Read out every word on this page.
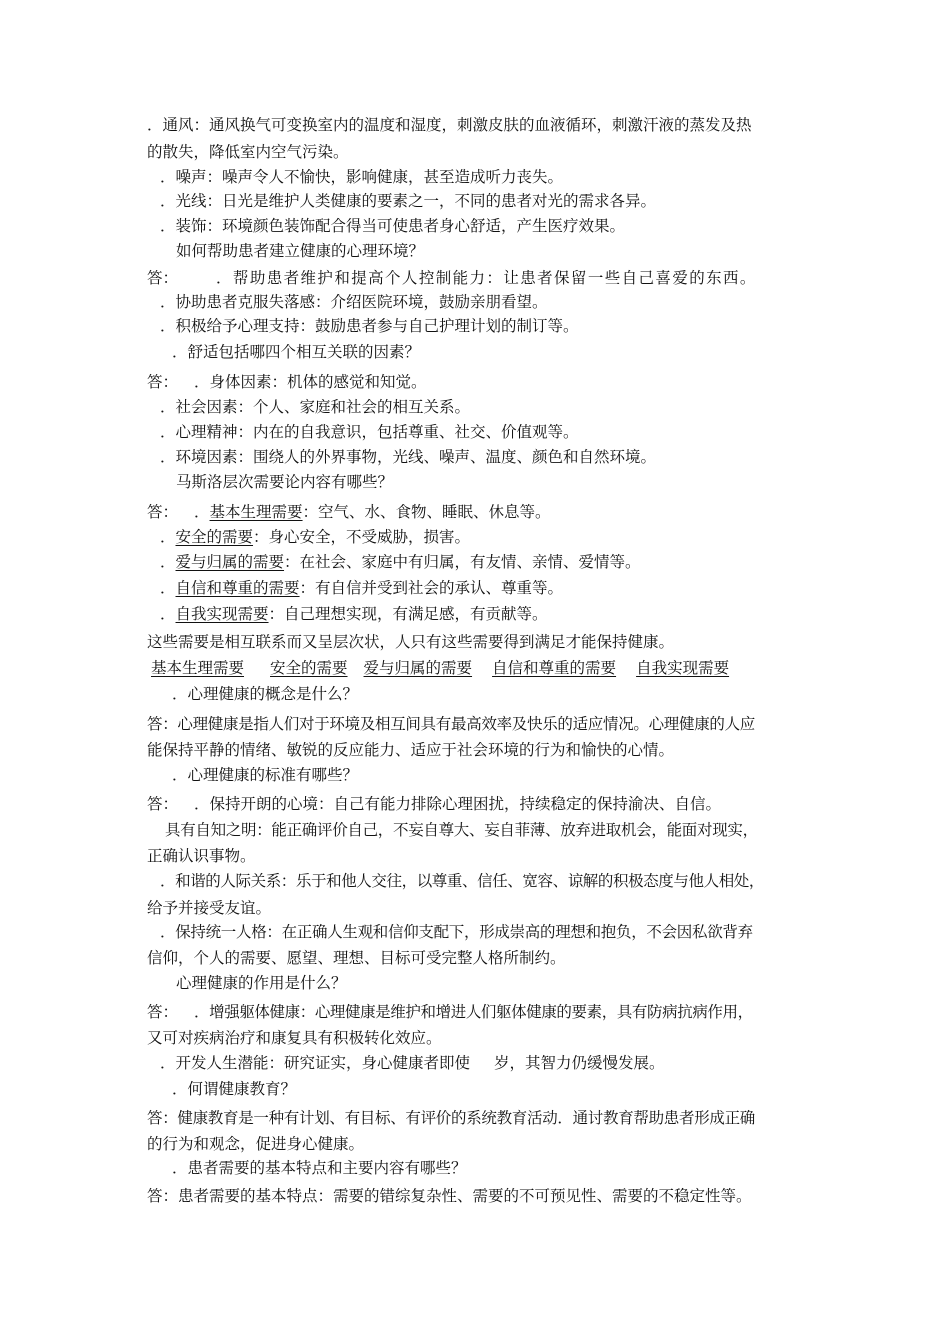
．通风：通风换气可变换室内的温度和湿度，刺激皮肤的血液循环，刺激汗液的蒸发及热
的散失，降低室内空气污染。
．噪声：噪声令人不愉快，影响健康，甚至造成听力丧失。
．光线：日光是维护人类健康的要素之一，不同的患者对光的需求各异。
．装饰：环境颜色装饰配合得当可使患者身心舒适，产生医疗效果。
如何帮助患者建立健康的心理环境？
答： ．帮助患者维护和提高个人控制能力：让患者保留一些自己喜爱的东西。
．协助患者克服失落感：介绍医院环境，鼓励亲朋看望。
．积极给予心理支持：鼓励患者参与自己护理计划的制订等。
．舒适包括哪四个相互关联的因素？
答： ．身体因素：机体的感觉和知觉。
．社会因素：个人、家庭和社会的相互关系。
．心理精神：内在的自我意识，包括尊重、社交、价值观等。
．环境因素：围绕人的外界事物，光线、噪声、温度、颜色和自然环境。
马斯洛层次需要论内容有哪些？
答： ．基本生理需要：空气、水、食物、睡眠、休息等。
．安全的需要：身心安全，不受威胁，损害。
．爱与归属的需要：在社会、家庭中有归属，有友情、亲情、爱情等。
．自信和尊重的需要：有自信并受到社会的承认、尊重等。
．自我实现需要：自己理想实现，有满足感，有贡献等。
这些需要是相互联系而又呈层次状，人只有这些需要得到满足才能保持健康。
基本生理需要 安全的需要 爱与归属的需要 自信和尊重的需要 自我实现需要
．心理健康的概念是什么？
答：心理健康是指人们对于环境及相互间具有最高效率及快乐的适应情况。心理健康的人应
能保持平静的情绪、敏锐的反应能力、适应于社会环境的行为和愉快的心情。
．心理健康的标准有哪些？
答： ．保持开朗的心境：自己有能力排除心理困扰，持续稳定的保持渝决、自信。
具有自知之明：能正确评价自己，不妄自尊大、妄自菲薄、放弃进取机会，能面对现实，
正确认识事物。
．和谐的人际关系：乐于和他人交往，以尊重、信任、宽容、谅解的积极态度与他人相处，
给予并接受友谊。
．保持统一人格：在正确人生观和信仰支配下，形成崇高的理想和抱负，不会因私欲背弃
信仰，个人的需要、愿望、理想、目标可受完整人格所制约。
心理健康的作用是什么？
答： ．增强躯体健康：心理健康是维护和增进人们躯体健康的要素，具有防病抗病作用，
又可对疾病治疗和康复具有积极转化效应。
．开发人生潜能：研究证实，身心健康者即使 岁，其智力仍缓慢发展。
．何谓健康教育？
答：健康教育是一种有计划、有目标、有评价的系统教育活动．通讨教育帮助患者形成正确
的行为和观念，促进身心健康。
．患者需要的基本特点和主要内容有哪些？
答：患者需要的基本特点：需要的错综复杂性、需要的不可预见性、需要的不稳定性等。
